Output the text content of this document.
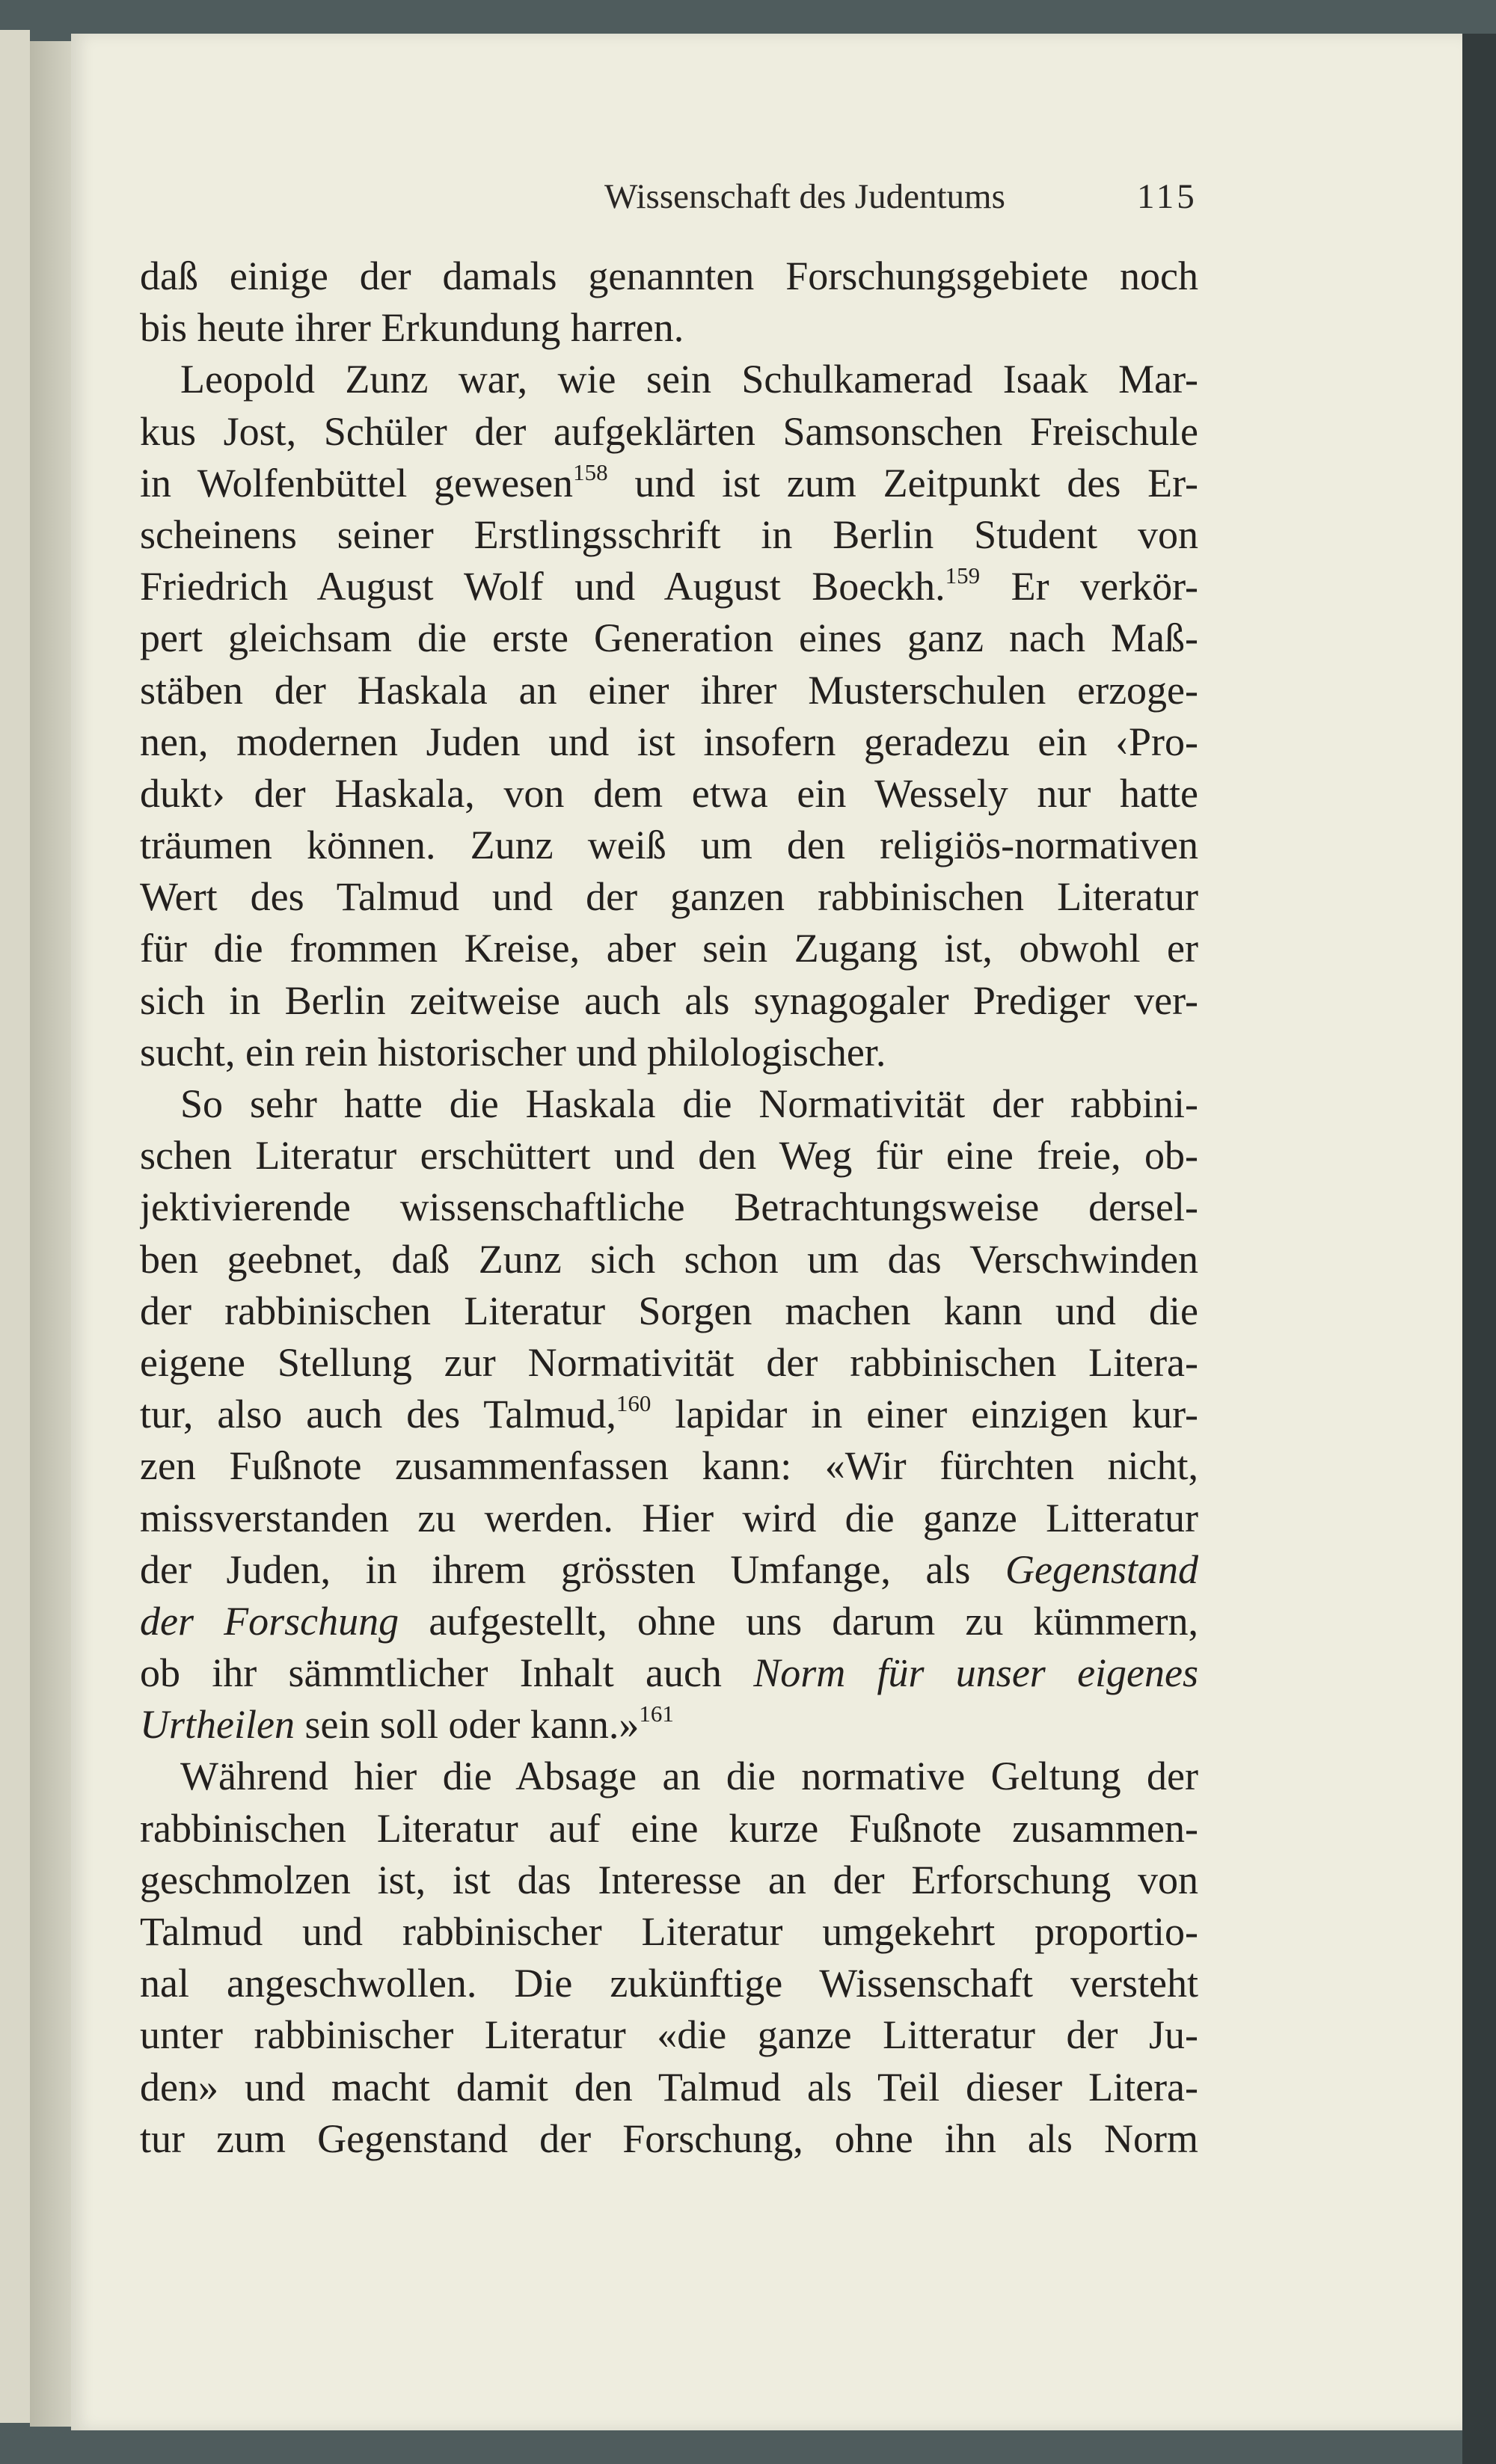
Wissenschaft des Judentums	115
daß einige der damals genannten Forschungsgebiete noch
bis heute ihrer Erkundung harren.
Leopold Zunz war, wie sein Schulkamerad Isaak Mar-
kus Jost, Schüler der aufgeklärten Samsonschen Freischule
in Wolfenbüttel gewesen$^{158}$ und ist zum Zeitpunkt des Er-
scheinens seiner Erstlingsschrift in Berlin Student von
Friedrich August Wolf und August Boeckh.$^{159}$ Er verkör-
pert gleichsam die erste Generation eines ganz nach Maß-
stäben der Haskala an einer ihrer Musterschulen erzoge-
nen, modernen Juden und ist insofern geradezu ein ‹Pro-
dukt› der Haskala, von dem etwa ein Wessely nur hatte
träumen können. Zunz weiß um den religiös-normativen
Wert des Talmud und der ganzen rabbinischen Literatur
für die frommen Kreise, aber sein Zugang ist, obwohl er
sich in Berlin zeitweise auch als synagogaler Prediger ver-
sucht, ein rein historischer und philologischer.
So sehr hatte die Haskala die Normativität der rabbini-
schen Literatur erschüttert und den Weg für eine freie, ob-
jektivierende wissenschaftliche Betrachtungsweise dersel-
ben geebnet, daß Zunz sich schon um das Verschwinden
der rabbinischen Literatur Sorgen machen kann und die
eigene Stellung zur Normativität der rabbinischen Litera-
tur, also auch des Talmud,$^{160}$ lapidar in einer einzigen kur-
zen Fußnote zusammenfassen kann: «Wir fürchten nicht,
missverstanden zu werden. Hier wird die ganze Litteratur
der Juden, in ihrem grössten Umfange, als Gegenstand
der Forschung aufgestellt, ohne uns darum zu kümmern,
ob ihr sämmtlicher Inhalt auch Norm für unser eigenes
Urtheilen sein soll oder kann.»$^{161}$
Während hier die Absage an die normative Geltung der
rabbinischen Literatur auf eine kurze Fußnote zusammen-
geschmolzen ist, ist das Interesse an der Erforschung von
Talmud und rabbinischer Literatur umgekehrt proportio-
nal angeschwollen. Die zukünftige Wissenschaft versteht
unter rabbinischer Literatur «die ganze Litteratur der Ju-
den» und macht damit den Talmud als Teil dieser Litera-
tur zum Gegenstand der Forschung, ohne ihn als Norm
